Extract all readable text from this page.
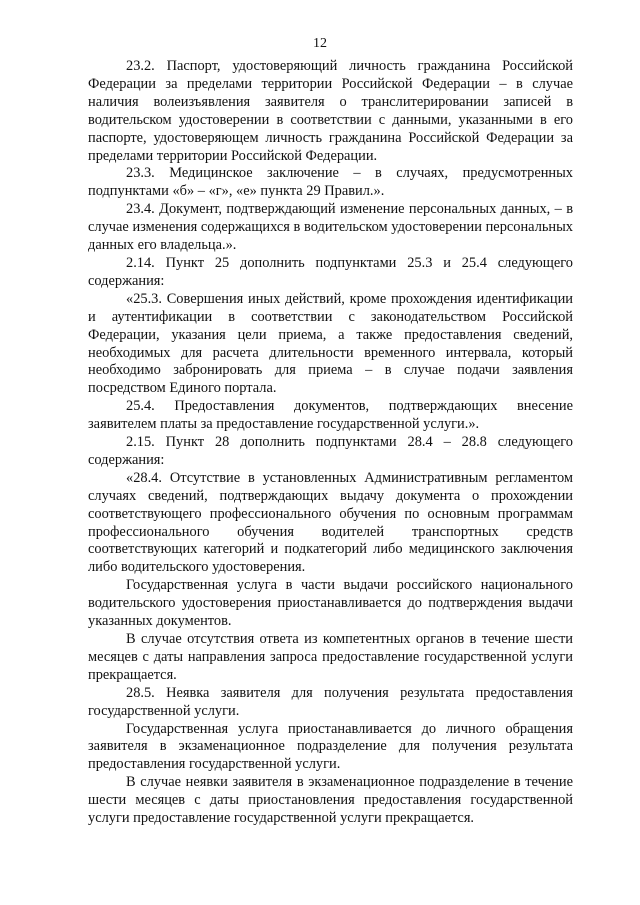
12

23.2. Паспорт, удостоверяющий личность гражданина Российской Федерации за пределами территории Российской Федерации – в случае наличия волеизъявления заявителя о транслитерировании записей в водительском удостоверении в соответствии с данными, указанными в его паспорте, удостоверяющем личность гражданина Российской Федерации за пределами территории Российской Федерации.

23.3. Медицинское заключение – в случаях, предусмотренных подпунктами «б» – «г», «е» пункта 29 Правил.».

23.4. Документ, подтверждающий изменение персональных данных, – в случае изменения содержащихся в водительском удостоверении персональных данных его владельца.».

2.14. Пункт 25 дополнить подпунктами 25.3 и 25.4 следующего содержания:

«25.3. Совершения иных действий, кроме прохождения идентификации и аутентификации в соответствии с законодательством Российской Федерации, указания цели приема, а также предоставления сведений, необходимых для расчета длительности временного интервала, который необходимо забронировать для приема – в случае подачи заявления посредством Единого портала.

25.4. Предоставления документов, подтверждающих внесение заявителем платы за предоставление государственной услуги.».

2.15. Пункт 28 дополнить подпунктами 28.4 – 28.8 следующего содержания:

«28.4. Отсутствие в установленных Административным регламентом случаях сведений, подтверждающих выдачу документа о прохождении соответствующего профессионального обучения по основным программам профессионального обучения водителей транспортных средств соответствующих категорий и подкатегорий либо медицинского заключения либо водительского удостоверения.

Государственная услуга в части выдачи российского национального водительского удостоверения приостанавливается до подтверждения выдачи указанных документов.

В случае отсутствия ответа из компетентных органов в течение шести месяцев с даты направления запроса предоставление государственной услуги прекращается.

28.5. Неявка заявителя для получения результата предоставления государственной услуги.

Государственная услуга приостанавливается до личного обращения заявителя в экзаменационное подразделение для получения результата предоставления государственной услуги.

В случае неявки заявителя в экзаменационное подразделение в течение шести месяцев с даты приостановления предоставления государственной услуги предоставление государственной услуги прекращается.
